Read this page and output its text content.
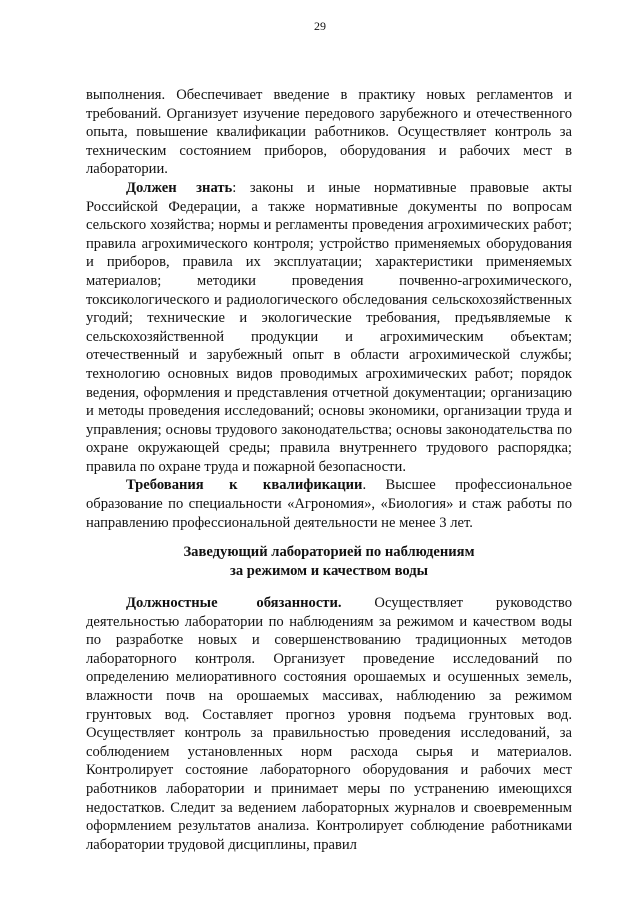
29

выполнения. Обеспечивает введение в практику новых регламентов и требований. Организует изучение передового зарубежного и отечественного опыта, повышение квалификации работников. Осуществляет контроль за техническим состоянием приборов, оборудования и рабочих мест в лаборатории.

Должен знать: законы и иные нормативные правовые акты Российской Федерации, а также нормативные документы по вопросам сельского хозяйства; нормы и регламенты проведения агрохимических работ; правила агрохимического контроля; устройство применяемых оборудования и приборов, правила их эксплуатации; характеристики применяемых материалов; методики проведения почвенно-агрохимического, токсикологического и радиологического обследования сельскохозяйственных угодий; технические и экологические требования, предъявляемые к сельскохозяйственной продукции и агрохимическим объектам; отечественный и зарубежный опыт в области агрохимической службы; технологию основных видов проводимых агрохимических работ; порядок ведения, оформления и представления отчетной документации; организацию и методы проведения исследований; основы экономики, организации труда и управления; основы трудового законодательства; основы законодательства по охране окружающей среды; правила внутреннего трудового распорядка; правила по охране труда и пожарной безопасности.

Требования к квалификации. Высшее профессиональное образование по специальности «Агрономия», «Биология» и стаж работы по направлению профессиональной деятельности не менее 3 лет.

Заведующий лабораторией по наблюдениям
за режимом и качеством воды

Должностные обязанности. Осуществляет руководство деятельностью лаборатории по наблюдениям за режимом и качеством воды по разработке новых и совершенствованию традиционных методов лабораторного контроля. Организует проведение исследований по определению мелиоративного состояния орошаемых и осушенных земель, влажности почв на орошаемых массивах, наблюдению за режимом грунтовых вод. Составляет прогноз уровня подъема грунтовых вод. Осуществляет контроль за правильностью проведения исследований, за соблюдением установленных норм расхода сырья и материалов. Контролирует состояние лабораторного оборудования и рабочих мест работников лаборатории и принимает меры по устранению имеющихся недостатков. Следит за ведением лабораторных журналов и своевременным оформлением результатов анализа. Контролирует соблюдение работниками лаборатории трудовой дисциплины, правил
